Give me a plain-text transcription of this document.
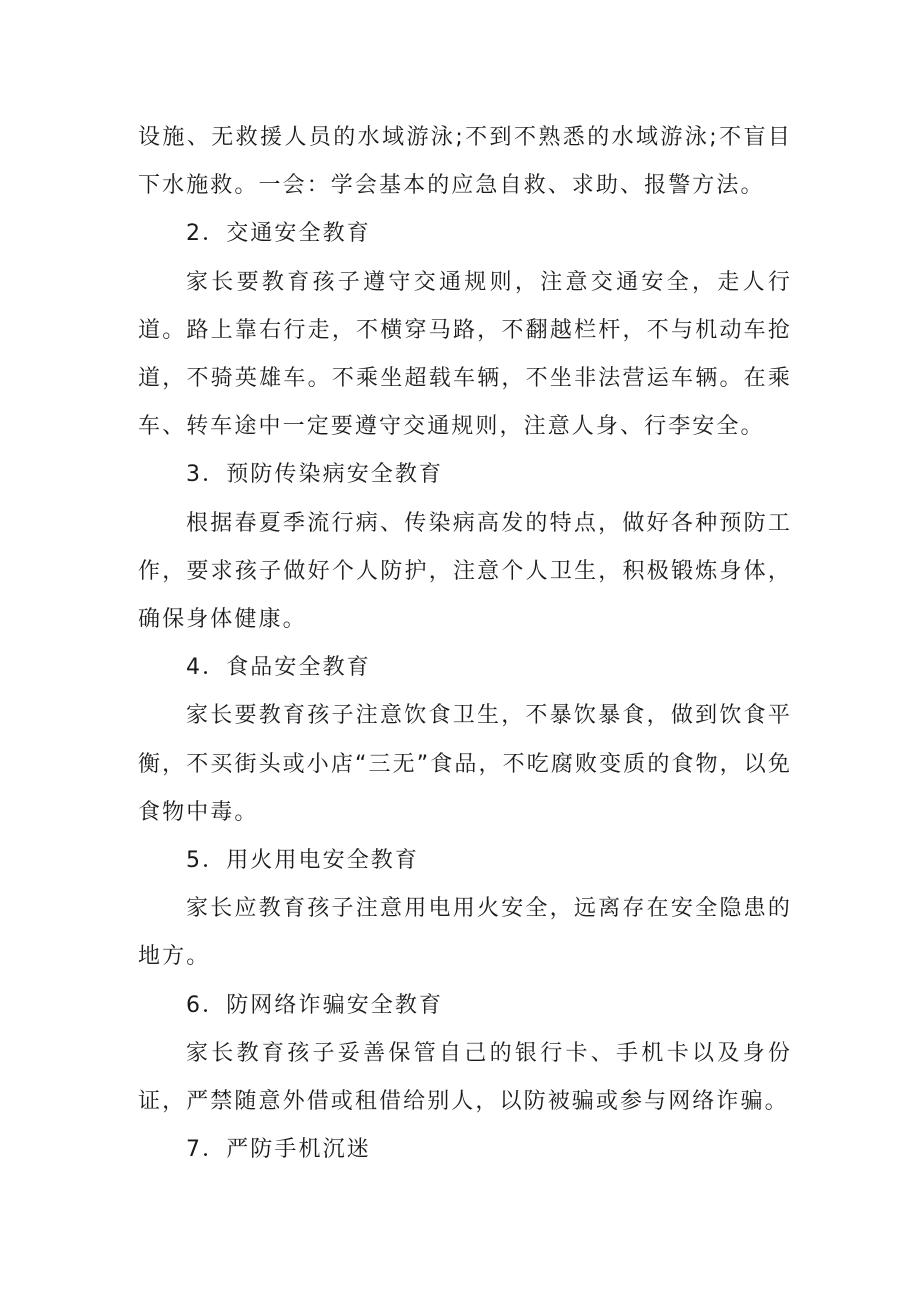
设施、无救援人员的水域游泳;不到不熟悉的水域游泳;不盲目下水施救。一会：学会基本的应急自救、求助、报警方法。

2．交通安全教育

家长要教育孩子遵守交通规则，注意交通安全，走人行道。路上靠右行走，不横穿马路，不翻越栏杆，不与机动车抢道，不骑英雄车。不乘坐超载车辆，不坐非法营运车辆。在乘车、转车途中一定要遵守交通规则，注意人身、行李安全。

3．预防传染病安全教育

根据春夏季流行病、传染病高发的特点，做好各种预防工作，要求孩子做好个人防护，注意个人卫生，积极锻炼身体，确保身体健康。

4．食品安全教育

家长要教育孩子注意饮食卫生，不暴饮暴食，做到饮食平衡，不买街头或小店“三无”食品，不吃腐败变质的食物，以免食物中毒。

5．用火用电安全教育

家长应教育孩子注意用电用火安全，远离存在安全隐患的地方。

6．防网络诈骗安全教育

家长教育孩子妥善保管自己的银行卡、手机卡以及身份证，严禁随意外借或租借给别人，以防被骗或参与网络诈骗。

7．严防手机沉迷
